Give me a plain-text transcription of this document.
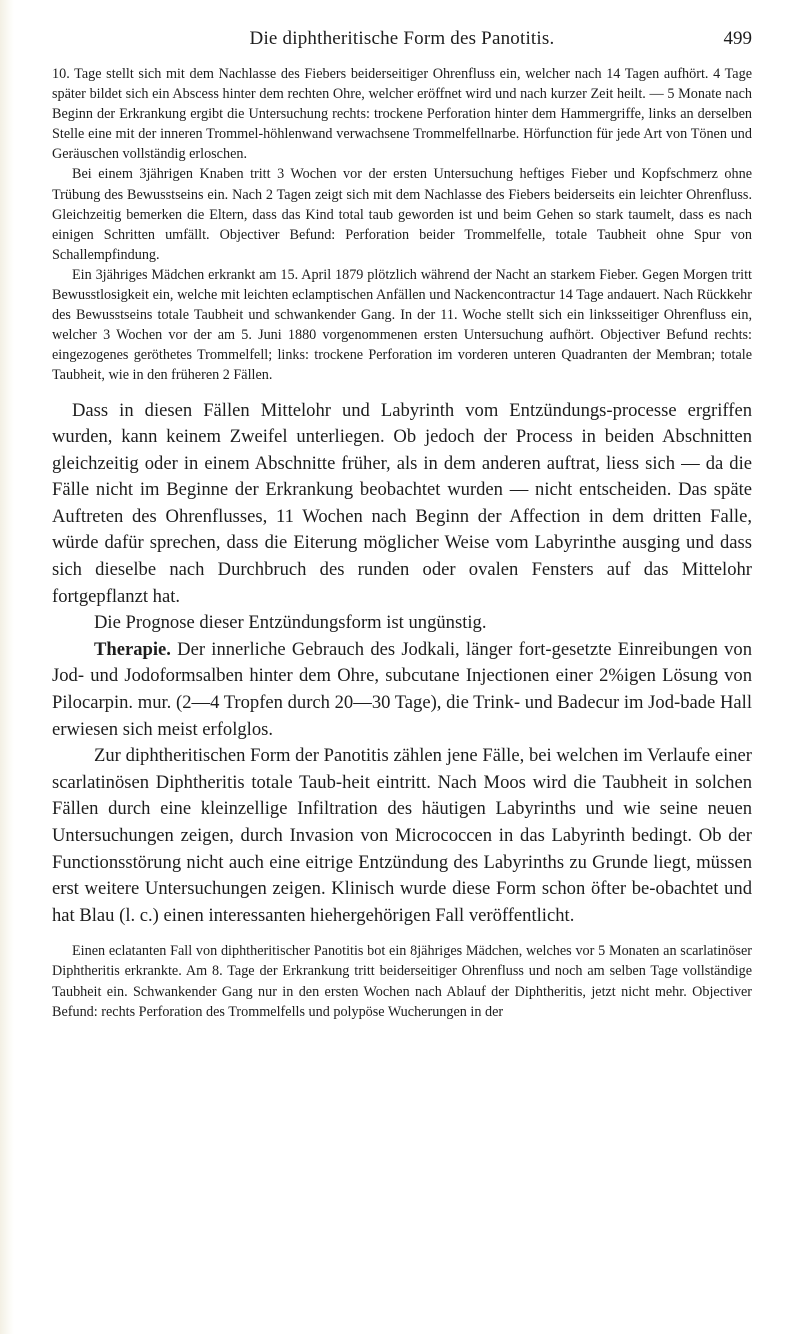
Die diphtheritische Form des Panotitis.	499

10. Tage stellt sich mit dem Nachlasse des Fiebers beiderseitiger Ohrenfluss ein, welcher nach 14 Tagen aufhört. 4 Tage später bildet sich ein Abscess hinter dem rechten Ohre, welcher eröffnet wird und nach kurzer Zeit heilt. — 5 Monate nach Beginn der Erkrankung ergibt die Untersuchung rechts: trockene Perforation hinter dem Hammergriffe, links an derselben Stelle eine mit der inneren Trommel-höhlenwand verwachsene Trommelfellnarbe. Hörfunction für jede Art von Tönen und Geräuschen vollständig erloschen.

Bei einem 3jährigen Knaben tritt 3 Wochen vor der ersten Untersuchung heftiges Fieber und Kopfschmerz ohne Trübung des Bewusstseins ein. Nach 2 Tagen zeigt sich mit dem Nachlasse des Fiebers beiderseits ein leichter Ohrenfluss. Gleichzeitig bemerken die Eltern, dass das Kind total taub geworden ist und beim Gehen so stark taumelt, dass es nach einigen Schritten umfällt. Objectiver Befund: Perforation beider Trommelfelle, totale Taubheit ohne Spur von Schallempfindung.

Ein 3jähriges Mädchen erkrankt am 15. April 1879 plötzlich während der Nacht an starkem Fieber. Gegen Morgen tritt Bewusstlosigkeit ein, welche mit leichten eclamptischen Anfällen und Nackencontractur 14 Tage andauert. Nach Rückkehr des Bewusstseins totale Taubheit und schwankender Gang. In der 11. Woche stellt sich ein linksseitiger Ohrenfluss ein, welcher 3 Wochen vor der am 5. Juni 1880 vorgenommenen ersten Untersuchung aufhört. Objectiver Befund rechts: eingezogenes geröthetes Trommelfell; links: trockene Perforation im vorderen unteren Quadranten der Membran; totale Taubheit, wie in den früheren 2 Fällen.

Dass in diesen Fällen Mittelohr und Labyrinth vom Entzündungs-processe ergriffen wurden, kann keinem Zweifel unterliegen. Ob jedoch der Process in beiden Abschnitten gleichzeitig oder in einem Abschnitte früher, als in dem anderen auftrat, liess sich — da die Fälle nicht im Beginne der Erkrankung beobachtet wurden — nicht entscheiden. Das späte Auftreten des Ohrenflusses, 11 Wochen nach Beginn der Affection in dem dritten Falle, würde dafür sprechen, dass die Eiterung möglicher Weise vom Labyrinthe ausging und dass sich dieselbe nach Durchbruch des runden oder ovalen Fensters auf das Mittelohr fortgepflanzt hat.

Die Prognose dieser Entzündungsform ist ungünstig.

Therapie. Der innerliche Gebrauch des Jodkali, länger fort-gesetzte Einreibungen von Jod- und Jodoformsalben hinter dem Ohre, subcutane Injectionen einer 2%igen Lösung von Pilocarpin. mur. (2—4 Tropfen durch 20—30 Tage), die Trink- und Badecur im Jod-bade Hall erwiesen sich meist erfolglos.

Zur diphtheritischen Form der Panotitis zählen jene Fälle, bei welchen im Verlaufe einer scarlatinösen Diphtheritis totale Taub-heit eintritt. Nach Moos wird die Taubheit in solchen Fällen durch eine kleinzellige Infiltration des häutigen Labyrinths und wie seine neuen Untersuchungen zeigen, durch Invasion von Micrococcen in das Labyrinth bedingt. Ob der Functionsstörung nicht auch eine eitrige Entzündung des Labyrinths zu Grunde liegt, müssen erst weitere Untersuchungen zeigen. Klinisch wurde diese Form schon öfter be-obachtet und hat Blau (l. c.) einen interessanten hiehergehörigen Fall veröffentlicht.

Einen eclatanten Fall von diphtheritischer Panotitis bot ein 8jähriges Mädchen, welches vor 5 Monaten an scarlatinöser Diphtheritis erkrankte. Am 8. Tage der Erkrankung tritt beiderseitiger Ohrenfluss und noch am selben Tage vollständige Taubheit ein. Schwankender Gang nur in den ersten Wochen nach Ablauf der Diphtheritis, jetzt nicht mehr. Objectiver Befund: rechts Perforation des Trommelfells und polypöse Wucherungen in der
